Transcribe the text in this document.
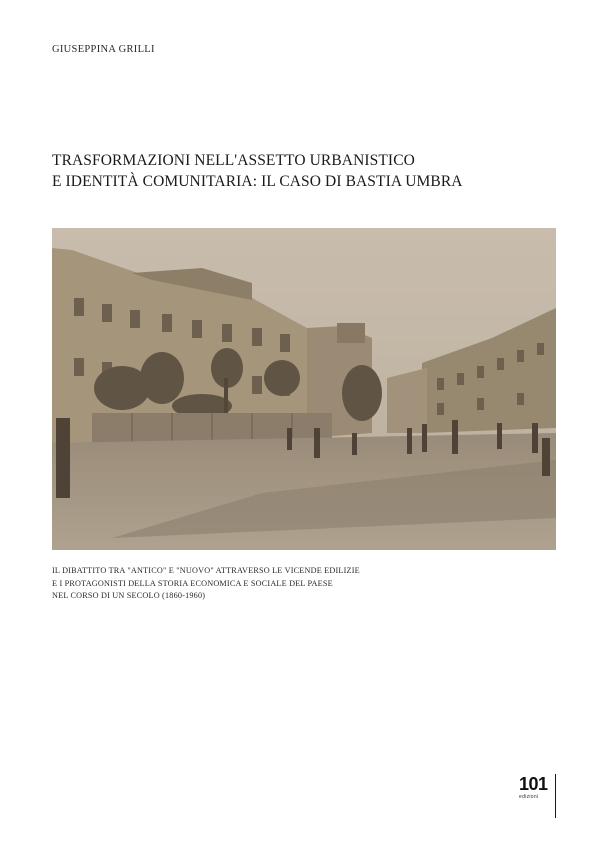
GIUSEPPINA GRILLI
TRASFORMAZIONI NELL'ASSETTO URBANISTICO
E IDENTITÀ COMUNITARIA: IL CASO DI BASTIA UMBRA
IL DIBATTITO TRA "ANTICO" E "NUOVO" ATTRAVERSO LE VICENDE EDILIZIE
E I PROTAGONISTI DELLA STORIA ECONOMICA E SOCIALE DEL PAESE
NEL CORSO DI UN SECOLO (1860-1960)
101
edizioni
